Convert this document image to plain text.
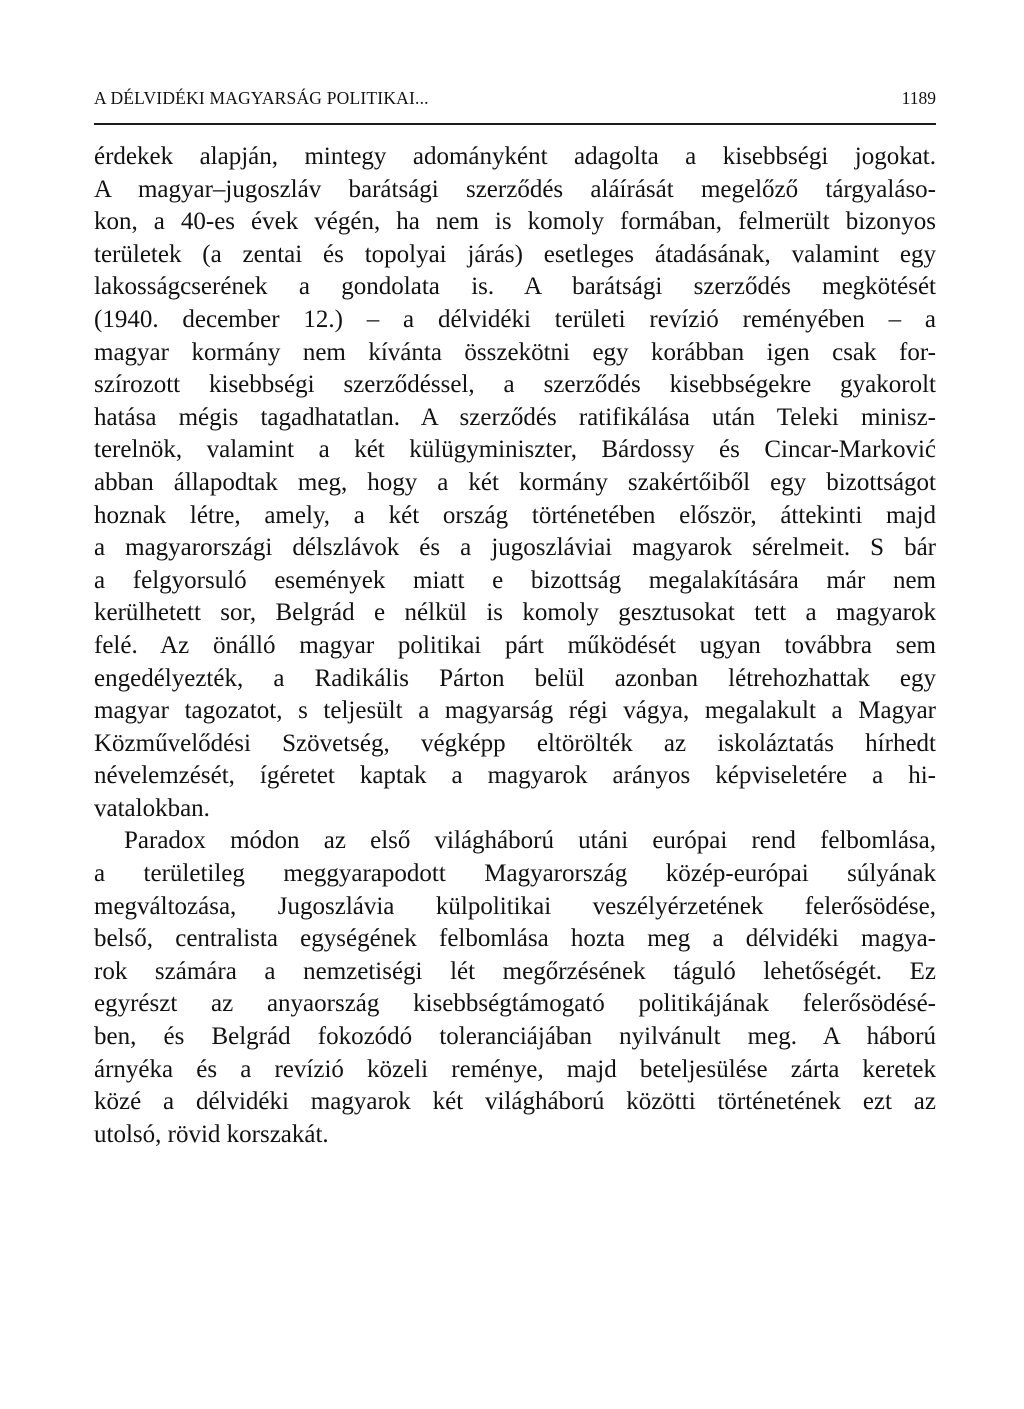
A DÉLVIDÉKI MAGYARSÁG POLITIKAI...	1189
érdekek alapján, mintegy adományként adagolta a kisebbségi jogokat.
A magyar–jugoszláv barátsági szerződés aláírását megelőző tárgyaláso-
kon, a 40-es évek végén, ha nem is komoly formában, felmerült bizonyos
területek (a zentai és topolyai járás) esetleges átadásának, valamint egy
lakosságcserének a gondolata is. A barátsági szerződés megkötését
(1940. december 12.) – a délvidéki területi revízió reményében – a
magyar kormány nem kívánta összekötni egy korábban igen csak for-
szírozott kisebbségi szerződéssel, a szerződés kisebbségekre gyakorolt
hatása mégis tagadhatatlan. A szerződés ratifikálása után Teleki minisz-
terelnök, valamint a két külügyminiszter, Bárdossy és Cincar-Marković
abban állapodtak meg, hogy a két kormány szakértőiből egy bizottságot
hoznak létre, amely, a két ország történetében először, áttekinti majd
a magyarországi délszlávok és a jugoszláviai magyarok sérelmeit. S bár
a felgyorsuló események miatt e bizottság megalakítására már nem
kerülhetett sor, Belgrád e nélkül is komoly gesztusokat tett a magyarok
felé. Az önálló magyar politikai párt működését ugyan továbbra sem
engedélyezték, a Radikális Párton belül azonban létrehozhattak egy
magyar tagozatot, s teljesült a magyarság régi vágya, megalakult a Magyar
Közművelődési Szövetség, végképp eltörölték az iskoláztatás hírhedt
névelemzését, ígéretet kaptak a magyarok arányos képviseletére a hi-
vatalokban.
Paradox módon az első világháború utáni európai rend felbomlása,
a területileg meggyarapodott Magyarország közép-európai súlyának
megváltozása, Jugoszlávia külpolitikai veszélyérzetének felerősödése,
belső, centralista egységének felbomlása hozta meg a délvidéki magya-
rok számára a nemzetiségi lét megőrzésének táguló lehetőségét. Ez
egyrészt az anyaország kisebbségtámogató politikájának felerősödésé-
ben, és Belgrád fokozódó toleranciájában nyilvánult meg. A háború
árnyéka és a revízió közeli reménye, majd beteljesülése zárta keretek
közé a délvidéki magyarok két világháború közötti történetének ezt az
utolsó, rövid korszakát.
